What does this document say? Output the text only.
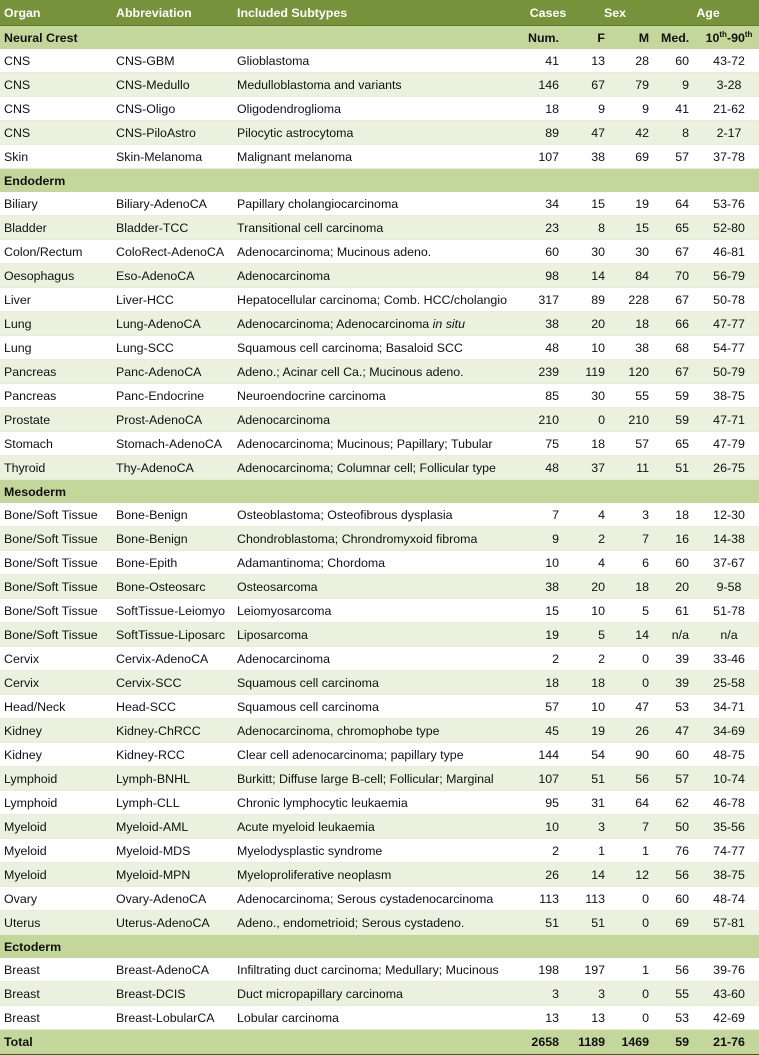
Organ	Abbreviation	Included Subtypes	Cases	Sex		Age	
Neural Crest			Num.	F	M	Med.	10th-90th
CNS	CNS-GBM	Glioblastoma	41	13	28	60	43-72
CNS	CNS-Medullo	Medulloblastoma and variants	146	67	79	9	3-28
CNS	CNS-Oligo	Oligodendroglioma	18	9	9	41	21-62
CNS	CNS-PiloAstro	Pilocytic astrocytoma	89	47	42	8	2-17
Skin	Skin-Melanoma	Malignant melanoma	107	38	69	57	37-78
Endoderm							
Biliary	Biliary-AdenoCA	Papillary cholangiocarcinoma	34	15	19	64	53-76
Bladder	Bladder-TCC	Transitional cell carcinoma	23	8	15	65	52-80
Colon/Rectum	ColoRect-AdenoCA	Adenocarcinoma; Mucinous adeno.	60	30	30	67	46-81
Oesophagus	Eso-AdenoCA	Adenocarcinoma	98	14	84	70	56-79
Liver	Liver-HCC	Hepatocellular carcinoma; Comb. HCC/cholangio	317	89	228	67	50-78
Lung	Lung-AdenoCA	Adenocarcinoma; Adenocarcinoma in situ	38	20	18	66	47-77
Lung	Lung-SCC	Squamous cell carcinoma; Basaloid SCC	48	10	38	68	54-77
Pancreas	Panc-AdenoCA	Adeno.; Acinar cell Ca.; Mucinous adeno.	239	119	120	67	50-79
Pancreas	Panc-Endocrine	Neuroendocrine carcinoma	85	30	55	59	38-75
Prostate	Prost-AdenoCA	Adenocarcinoma	210	0	210	59	47-71
Stomach	Stomach-AdenoCA	Adenocarcinoma; Mucinous; Papillary; Tubular	75	18	57	65	47-79
Thyroid	Thy-AdenoCA	Adenocarcinoma; Columnar cell; Follicular type	48	37	11	51	26-75
Mesoderm							
Bone/Soft Tissue	Bone-Benign	Osteoblastoma; Osteofibrous dysplasia	7	4	3	18	12-30
Bone/Soft Tissue	Bone-Benign	Chondroblastoma; Chrondromyxoid fibroma	9	2	7	16	14-38
Bone/Soft Tissue	Bone-Epith	Adamantinoma; Chordoma	10	4	6	60	37-67
Bone/Soft Tissue	Bone-Osteosarc	Osteosarcoma	38	20	18	20	9-58
Bone/Soft Tissue	SoftTissue-Leiomyo	Leiomyosarcoma	15	10	5	61	51-78
Bone/Soft Tissue	SoftTissue-Liposarc	Liposarcoma	19	5	14	n/a	n/a
Cervix	Cervix-AdenoCA	Adenocarcinoma	2	2	0	39	33-46
Cervix	Cervix-SCC	Squamous cell carcinoma	18	18	0	39	25-58
Head/Neck	Head-SCC	Squamous cell carcinoma	57	10	47	53	34-71
Kidney	Kidney-ChRCC	Adenocarcinoma, chromophobe type	45	19	26	47	34-69
Kidney	Kidney-RCC	Clear cell adenocarcinoma; papillary type	144	54	90	60	48-75
Lymphoid	Lymph-BNHL	Burkitt; Diffuse large B-cell; Follicular; Marginal	107	51	56	57	10-74
Lymphoid	Lymph-CLL	Chronic lymphocytic leukaemia	95	31	64	62	46-78
Myeloid	Myeloid-AML	Acute myeloid leukaemia	10	3	7	50	35-56
Myeloid	Myeloid-MDS	Myelodysplastic syndrome	2	1	1	76	74-77
Myeloid	Myeloid-MPN	Myeloproliferative neoplasm	26	14	12	56	38-75
Ovary	Ovary-AdenoCA	Adenocarcinoma; Serous cystadenocarcinoma	113	113	0	60	48-74
Uterus	Uterus-AdenoCA	Adeno., endometrioid; Serous cystadeno.	51	51	0	69	57-81
Ectoderm							
Breast	Breast-AdenoCA	Infiltrating duct carcinoma; Medullary; Mucinous	198	197	1	56	39-76
Breast	Breast-DCIS	Duct micropapillary carcinoma	3	3	0	55	43-60
Breast	Breast-LobularCA	Lobular carcinoma	13	13	0	53	42-69
Total			2658	1189	1469	59	21-76
